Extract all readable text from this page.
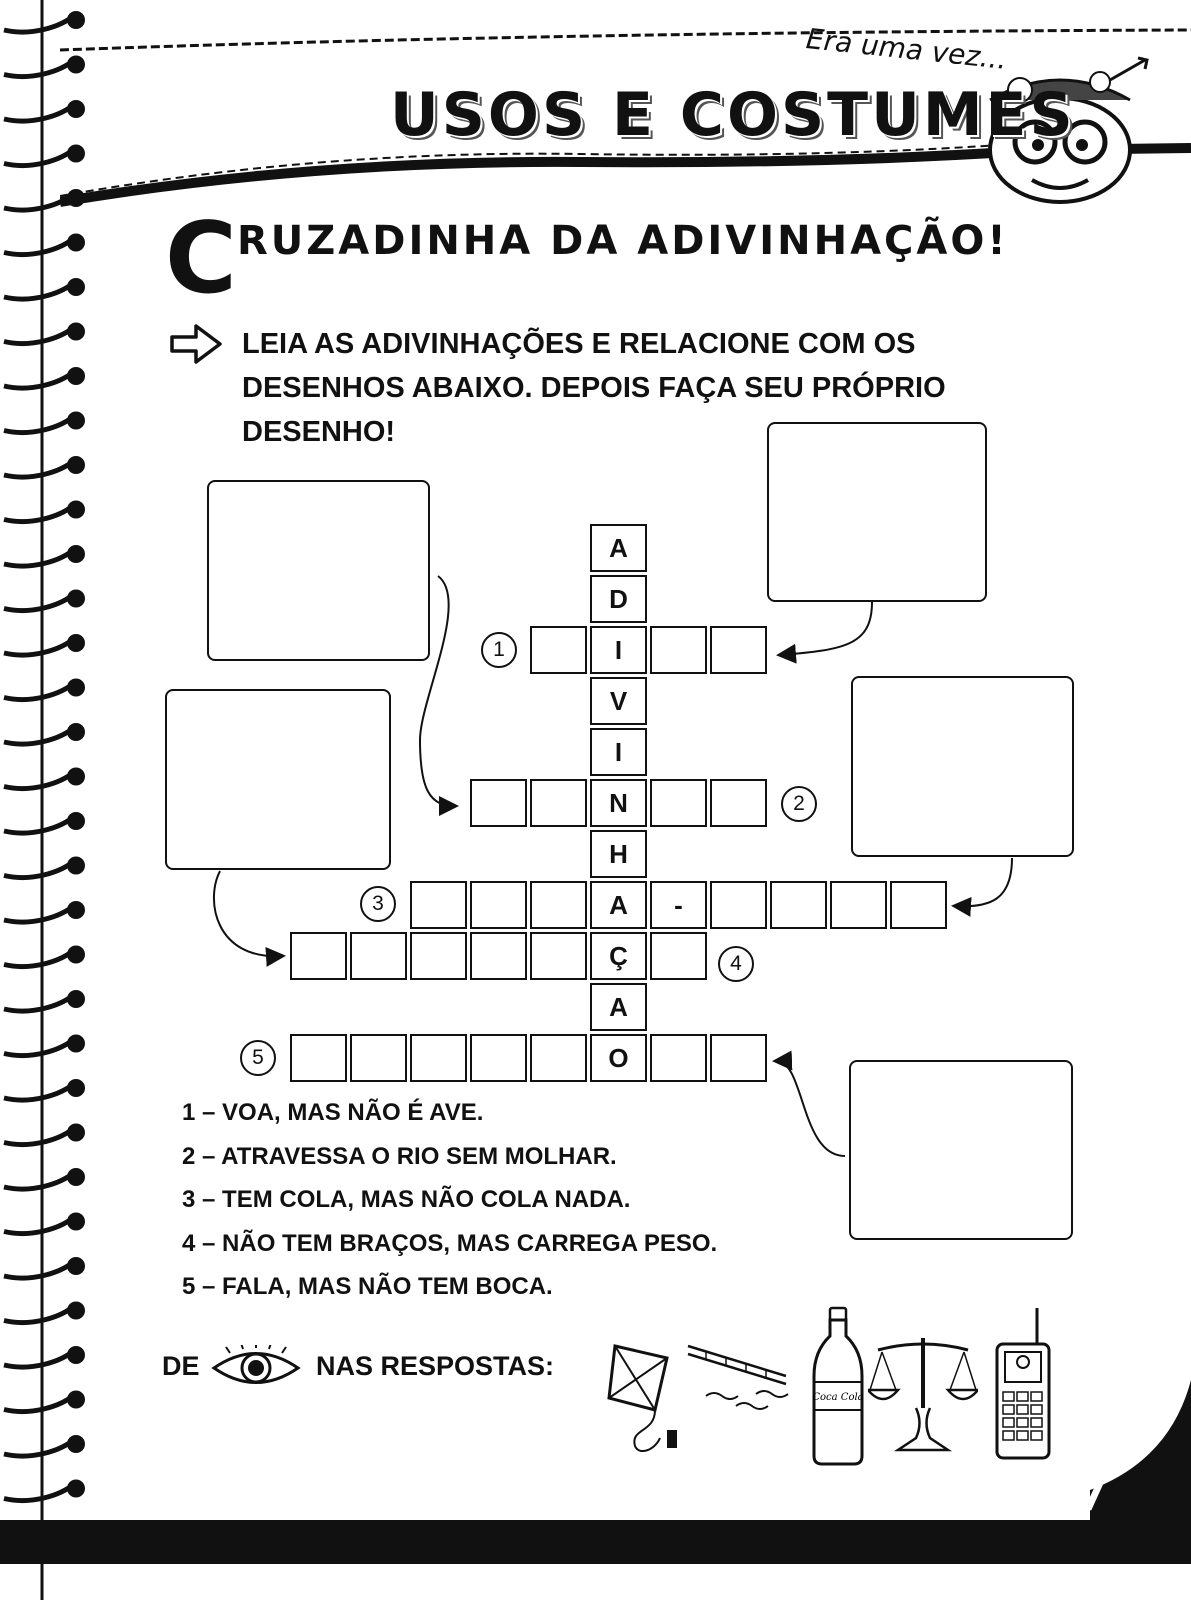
Era uma vez...
USOS E COSTUMES
C RUZADINHA DA ADIVINHAÇÃO!
LEIA AS ADIVINHAÇÕES E RELACIONE COM OS
DESENHOS ABAIXO. DEPOIS FAÇA SEU PRÓPRIO
DESENHO!
A
D
I
V
I
N
H
A
Ç
A
O
-
1
2
3
4
5
1 – VOA, MAS NÃO É AVE.
2 – ATRAVESSA O RIO SEM MOLHAR.
3 – TEM COLA, MAS NÃO COLA NADA.
4 – NÃO TEM BRAÇOS, MAS CARREGA PESO.
5 – FALA, MAS NÃO TEM BOCA.
DE	NAS RESPOSTAS:
Coca Cola
7
